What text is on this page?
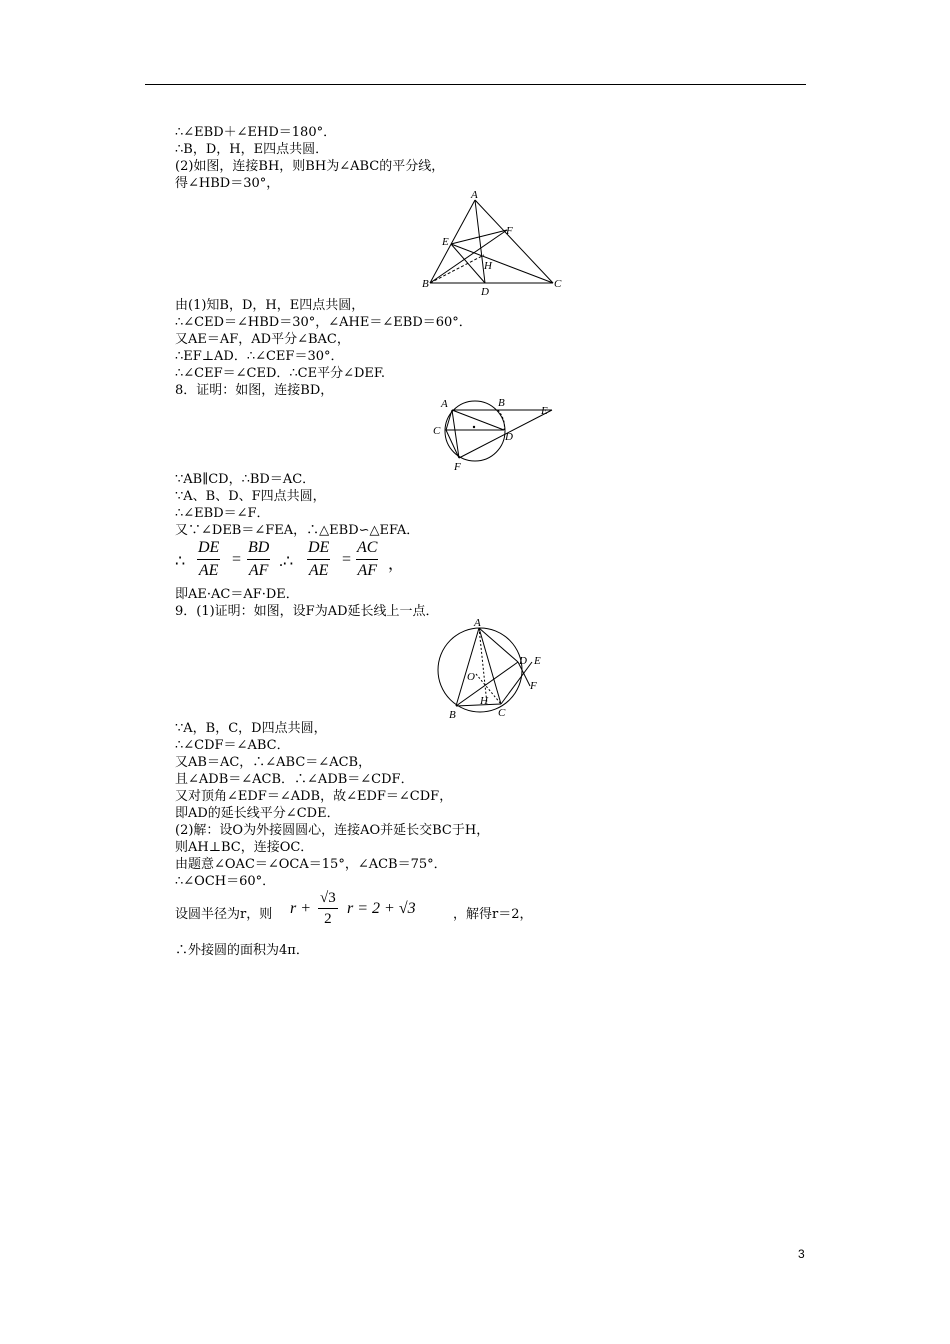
∴∠EBD＋∠EHD＝180°．
∴B，D，H，E四点共圆．
(2)如图，连接BH，则BH为∠ABC的平分线，
得∠HBD＝30°，
A
E
F
H
B
D
C
由(1)知B，D，H，E四点共圆，
∴∠CED＝∠HBD＝30°，∠AHE＝∠EBD＝60°．
又AE＝AF，AD平分∠BAC，
∴EF⊥AD．∴∠CEF＝30°．
∴∠CEF＝∠CED．∴CE平分∠DEF.
8．证明：如图，连接BD，
A	B
E
C	D
F
∵AB∥CD，∴BD＝AC．
∵A、B、D、F四点共圆，
∴∠EBD＝∠F．
又∵∠DEB＝∠FEA，∴△EBD∽△EFA．
∴ $\frac{DE}{AE} = \frac{BD}{AF}$ .∴ $\frac{DE}{AE} = \frac{AC}{AF}$ ，
即AE·AC＝AF·DE．
9．(1)证明：如图，设F为AD延长线上一点．
A
D E
O
F
H
B	C
∵A，B，C，D四点共圆，
∴∠CDF＝∠ABC．
又AB＝AC，∴∠ABC＝∠ACB，
且∠ADB＝∠ACB．∴∠ADB＝∠CDF．
又对顶角∠EDF＝∠ADB，故∠EDF＝∠CDF，
即AD的延长线平分∠CDE．
(2)解：设O为外接圆圆心，连接AO并延长交BC于H，
则AH⊥BC，连接OC．
由题意∠OAC＝∠OCA＝15°，∠ACB＝75°．
∴∠OCH＝60°．
设圆半径为r，则 r +
√3
2
r = 2 + √3	，解得r＝2，
∴外接圆的面积为4π．
3
